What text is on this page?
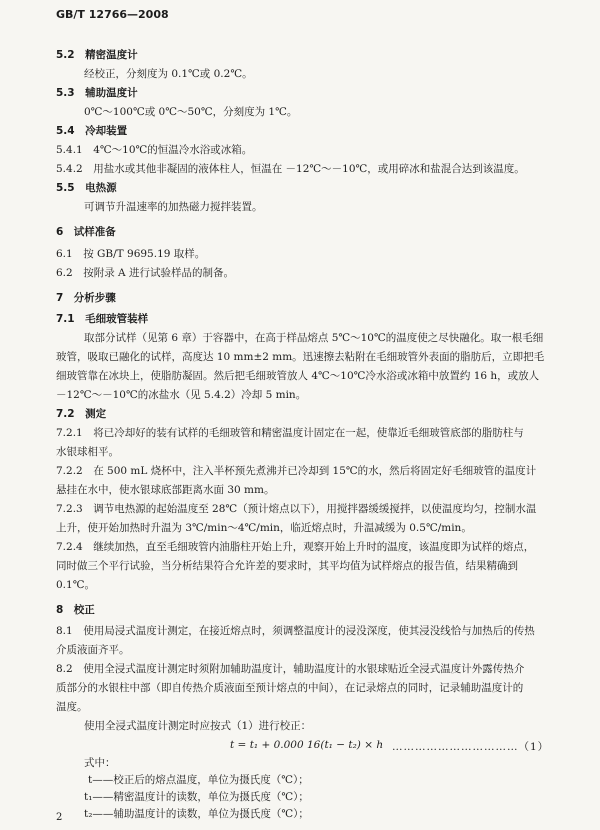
GB/T 12766—2008
5.2　精密温度计
经校正，分刻度为 0.1℃或 0.2℃。
5.3　辅助温度计
0℃～100℃或 0℃～50℃，分刻度为 1℃。
5.4　冷却装置
5.4.1　4℃～10℃的恒温冷水浴或冰箱。
5.4.2　用盐水或其他非凝固的液体柱人，恒温在 －12℃～－10℃，或用碎冰和盐混合达到该温度。
5.5　电热源
可调节升温速率的加热磁力搅拌装置。
6　试样准备
6.1　按 GB/T 9695.19 取样。
6.2　按附录 A 进行试验样品的制备。
7　分析步骤
7.1　毛细玻管装样
取部分试样（见第 6 章）于容器中，在高于样品熔点 5℃～10℃的温度使之尽快融化。取一根毛细
玻管，吸取已融化的试样，高度达 10 mm±2 mm。迅速擦去粘附在毛细玻管外表面的脂肪后，立即把毛
细玻管靠在冰块上，使脂肪凝固。然后把毛细玻管放人 4℃～10℃冷水浴或冰箱中放置约 16 h，或放人
－12℃～－10℃的冰盐水（见 5.4.2）冷却 5 min。
7.2　测定
7.2.1　将已冷却好的装有试样的毛细玻管和精密温度计固定在一起，使靠近毛细玻管底部的脂肪柱与
水银球相平。
7.2.2　在 500 mL 烧杯中，注入半杯预先煮沸并已冷却到 15℃的水，然后将固定好毛细玻管的温度计
悬挂在水中，使水银球底部距离水面 30 mm。
7.2.3　调节电热源的起始温度至 28℃（预计熔点以下），用搅拌器缓缓搅拌，以使温度均匀，控制水温
上升，使开始加热时升温为 3℃/min～4℃/min，临近熔点时，升温减缓为 0.5℃/min。
7.2.4　继续加热，直至毛细玻管内油脂柱开始上升，观察开始上升时的温度，该温度即为试样的熔点，
同时做三个平行试验，当分析结果符合允许差的要求时，其平均值为试样熔点的报告值，结果精确到
0.1℃。
8　校正
8.1　使用局浸式温度计测定，在接近熔点时，须调整温度计的浸没深度，使其浸没线恰与加热后的传热
介质液面齐平。
8.2　使用全浸式温度计测定时须附加辅助温度计，辅助温度计的水银球贴近全浸式温度计外露传热介
质部分的水银柱中部（即自传热介质液面至预计熔点的中间），在记录熔点的同时，记录辅助温度计的
温度。
使用全浸式温度计测定时应按式（1）进行校正：
式中：
t——校正后的熔点温度，单位为摄氏度（℃）；
t₁——精密温度计的读数，单位为摄氏度（℃）；
t₂——辅助温度计的读数，单位为摄氏度（℃）；
t = t₁ + 0.000 16(t₁ − t₂) × h ……………………………（1）
2
